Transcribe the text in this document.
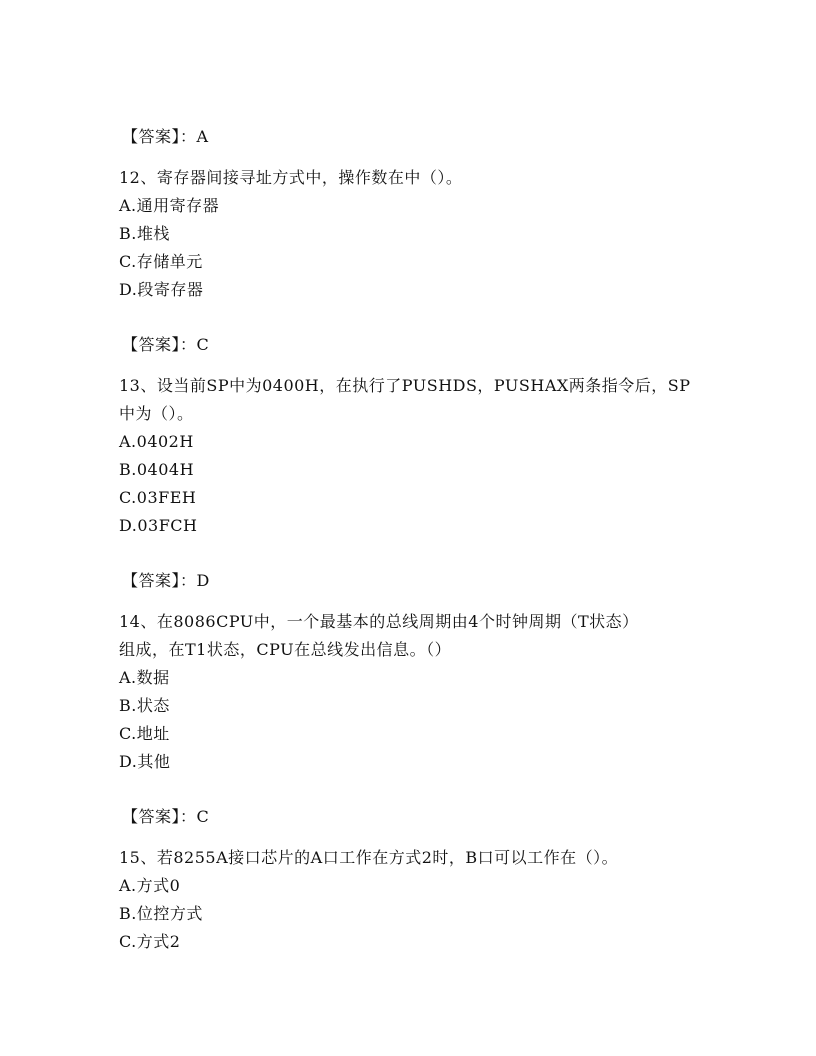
【答案】：A
12、寄存器间接寻址方式中，操作数在中（）。
A.通用寄存器
B.堆栈
C.存储单元
D.段寄存器
【答案】：C
13、设当前SP中为0400H，在执行了PUSHDS，PUSHAX两条指令后，SP
中为（）。
A.0402H
B.0404H
C.03FEH
D.03FCH
【答案】：D
14、在8086CPU中，一个最基本的总线周期由4个时钟周期（T状态）
组成，在T1状态，CPU在总线发出信息。（）
A.数据
B.状态
C.地址
D.其他
【答案】：C
15、若8255A接口芯片的A口工作在方式2时，B口可以工作在（）。
A.方式0
B.位控方式
C.方式2
